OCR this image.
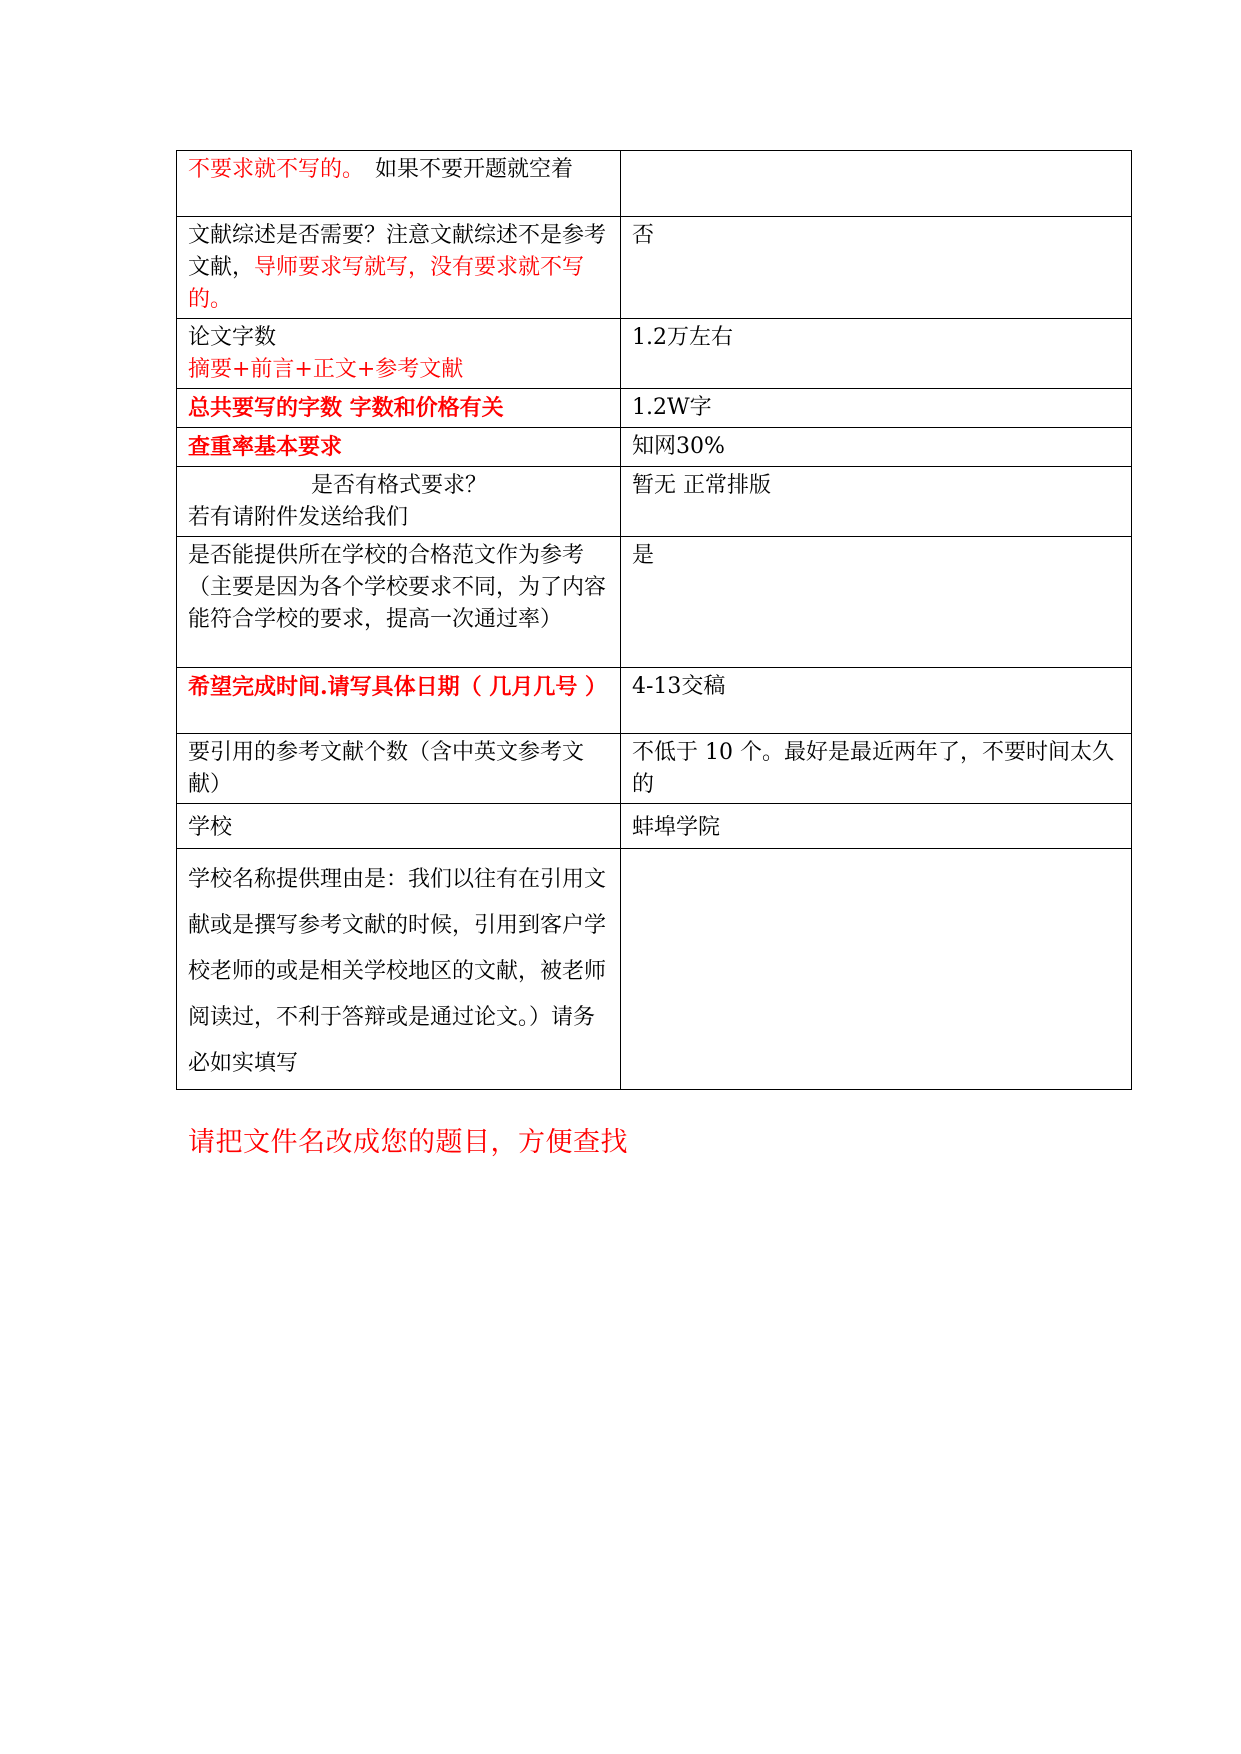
不要求就不写的。　如果不要开题就空着	
文献综述是否需要？注意文献综述不是参考文献，导师要求写就写，没有要求就不写的。	否

论文字数
摘要+前言+正文+参考文献	1.2万左右
总共要写的字数 字数和价格有关	1.2W字
查重率基本要求	知网30%

是否有格式要求？
若有请附件发送给我们	暂无 正常排版
是否能提供所在学校的合格范文作为参考（主要是因为各个学校要求不同，为了内容能符合学校的要求，提高一次通过率）	是
希望完成时间.请写具体日期（ 几月几号 ）	4-13交稿
要引用的参考文献个数（含中英文参考文献）	不低于 10 个。最好是最近两年了，不要时间太久的
学校	蚌埠学院
学校名称提供理由是：我们以往有在引用文献或是撰写参考文献的时候，引用到客户学校老师的或是相关学校地区的文献，被老师阅读过，不利于答辩或是通过论文。）请务必如实填写	
请把文件名改成您的题目，方便查找
